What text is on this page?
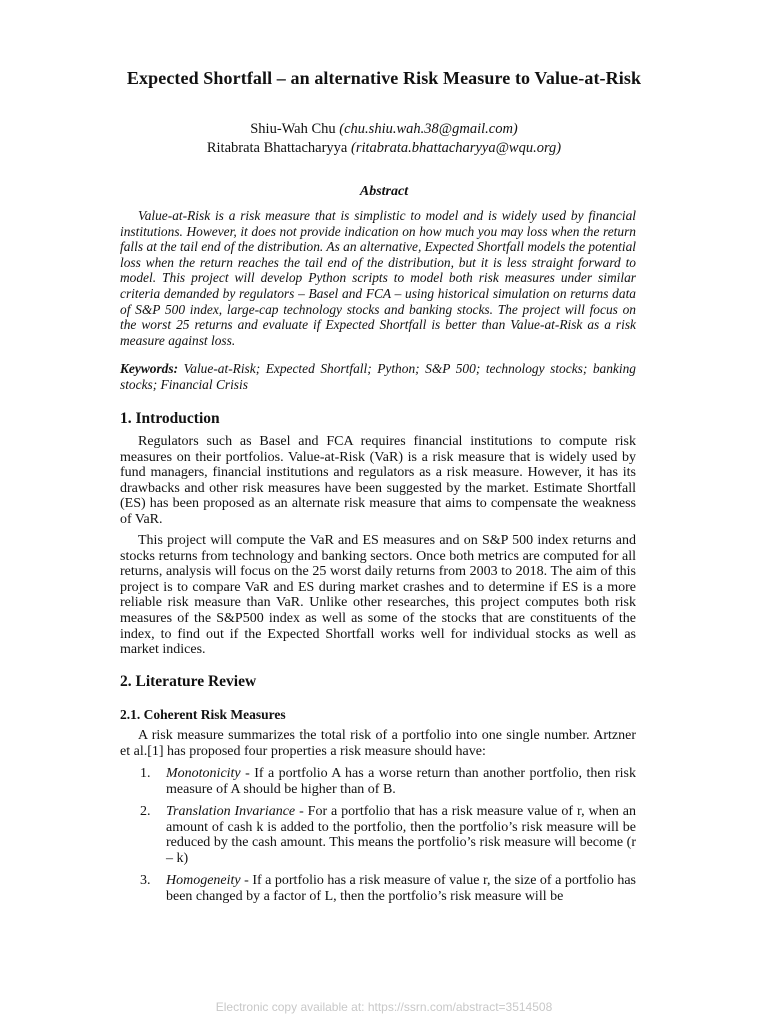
Expected Shortfall – an alternative Risk Measure to Value-at-Risk
Shiu-Wah Chu (chu.shiu.wah.38@gmail.com)
Ritabrata Bhattacharyya (ritabrata.bhattacharyya@wqu.org)
Abstract

Value-at-Risk is a risk measure that is simplistic to model and is widely used by financial institutions. However, it does not provide indication on how much you may loss when the return falls at the tail end of the distribution. As an alternative, Expected Shortfall models the potential loss when the return reaches the tail end of the distribution, but it is less straight forward to model. This project will develop Python scripts to model both risk measures under similar criteria demanded by regulators – Basel and FCA – using historical simulation on returns data of S&P 500 index, large-cap technology stocks and banking stocks. The project will focus on the worst 25 returns and evaluate if Expected Shortfall is better than Value-at-Risk as a risk measure against loss.

Keywords: Value-at-Risk; Expected Shortfall; Python; S&P 500; technology stocks; banking stocks; Financial Crisis

1. Introduction

Regulators such as Basel and FCA requires financial institutions to compute risk measures on their portfolios. Value-at-Risk (VaR) is a risk measure that is widely used by fund managers, financial institutions and regulators as a risk measure. However, it has its drawbacks and other risk measures have been suggested by the market. Estimate Shortfall (ES) has been proposed as an alternate risk measure that aims to compensate the weakness of VaR.

This project will compute the VaR and ES measures and on S&P 500 index returns and stocks returns from technology and banking sectors. Once both metrics are computed for all returns, analysis will focus on the 25 worst daily returns from 2003 to 2018. The aim of this project is to compare VaR and ES during market crashes and to determine if ES is a more reliable risk measure than VaR. Unlike other researches, this project computes both risk measures of the S&P500 index as well as some of the stocks that are constituents of the index, to find out if the Expected Shortfall works well for individual stocks as well as market indices.

2. Literature Review
2.1. Coherent Risk Measures

A risk measure summarizes the total risk of a portfolio into one single number. Artzner et al.[1] has proposed four properties a risk measure should have:

1. Monotonicity - If a portfolio A has a worse return than another portfolio, then risk measure of A should be higher than of B.
2. Translation Invariance - For a portfolio that has a risk measure value of r, when an amount of cash k is added to the portfolio, then the portfolio’s risk measure will be reduced by the cash amount. This means the portfolio’s risk measure will become (r – k)
3. Homogeneity - If a portfolio has a risk measure of value r, the size of a portfolio has been changed by a factor of L, then the portfolio’s risk measure will be
Electronic copy available at: https://ssrn.com/abstract=3514508
